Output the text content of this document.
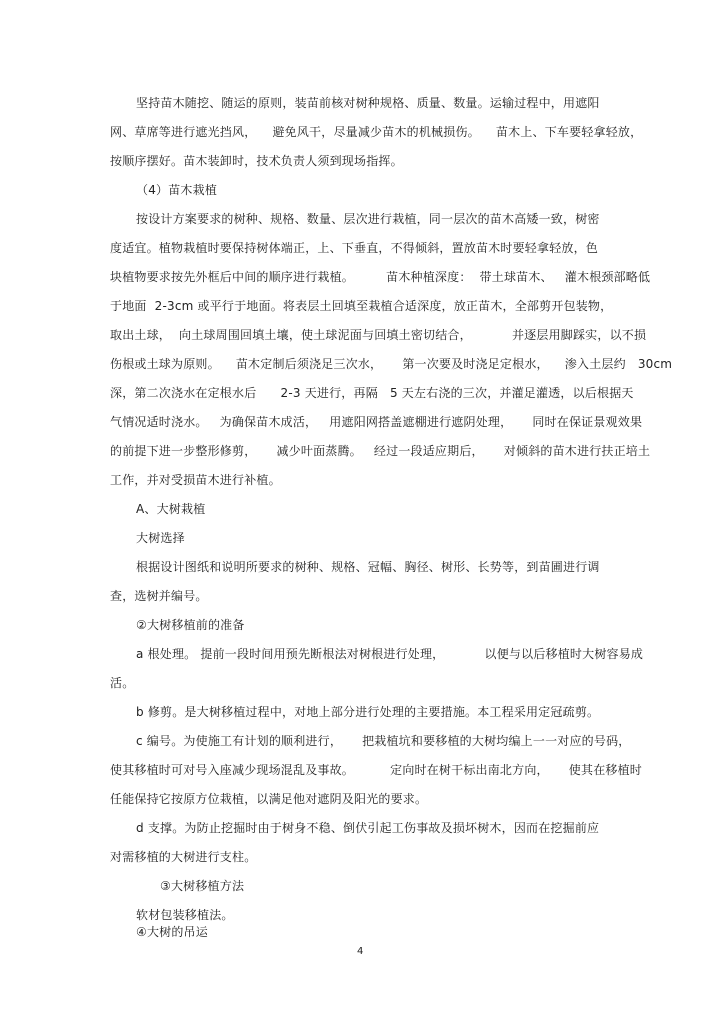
坚持苗木随挖、随运的原则，装苗前核对树种规格、质量、数量。运输过程中，用遮阳
网、草席等进行遮光挡风，    避免风干，尽量减少苗木的机械损伤。    苗木上、下车要轻拿轻放，
按顺序摆好。苗木装卸时，技术负责人须到现场指挥。
（4）苗木栽植
按设计方案要求的树种、规格、数量、层次进行栽植，同一层次的苗木高矮一致，树密
度适宜。植物栽植时要保持树体端正，上、下垂直，不得倾斜，置放苗木时要轻拿轻放，色
块植物要求按先外框后中间的顺序进行栽植。        苗木种植深度：  带土球苗木、   灌木根颈部略低
于地面  2-3cm 或平行于地面。将表层土回填至栽植合适深度，放正苗木，全部剪开包装物，
取出土球，  向土球周围回填土壤，使土球泥面与回填土密切结合，          并逐层用脚踩实，以不损
伤根或土球为原则。    苗木定制后须浇足三次水，     第一次要及时浇足定根水，    渗入土层约   30cm
深，第二次浇水在定根水后      2-3 天进行，再隔   5 天左右浇的三次，并灌足灌透，以后根据天
气情况适时浇水。   为确保苗木成活，   用遮阳网搭盖遮棚进行遮阴处理，     同时在保证景观效果
的前提下进一步整形修剪，     减少叶面蒸腾。   经过一段适应期后，     对倾斜的苗木进行扶正培土
工作，并对受损苗木进行补植。
A、大树栽植
大树选择
根据设计图纸和说明所要求的树种、规格、冠幅、胸径、树形、长势等，到苗圃进行调
查，选树并编号。
②大树移植前的准备
a 根处理。 提前一段时间用预先断根法对树根进行处理，          以便与以后移植时大树容易成
活。
b 修剪。是大树移植过程中，对地上部分进行处理的主要措施。本工程采用定冠疏剪。
c 编号。为使施工有计划的顺利进行，     把栽植坑和要移植的大树均编上一一对应的号码，
使其移植时可对号入座减少现场混乱及事故。         定向时在树干标出南北方向，     使其在移植时
任能保持它按原方位栽植，以满足他对遮阴及阳光的要求。
d 支撑。为防止挖掘时由于树身不稳、倒伏引起工伤事故及损坏树木，因而在挖掘前应
对需移植的大树进行支柱。
③大树移植方法
软材包装移植法。
④大树的吊运
4
